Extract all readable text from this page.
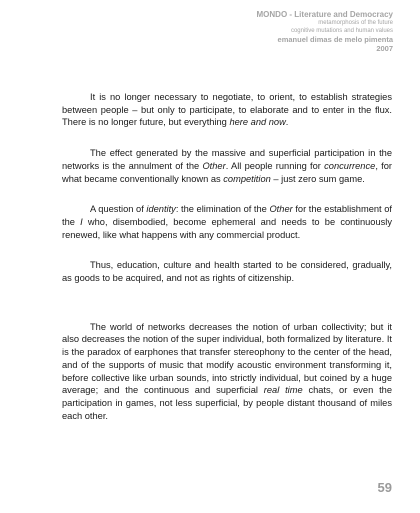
MONDO - Literature and Democracy
metamorphosis of the future
cognitive mutations and human values
emanuel dimas de melo pimenta
2007

It is no longer necessary to negotiate, to orient, to establish strategies between people – but only to participate, to elaborate and to enter in the flux. There is no longer future, but everything here and now.

The effect generated by the massive and superficial participation in the networks is the annulment of the Other. All people running for concurrence, for what became conventionally known as competition – just zero sum game.

A question of identity: the elimination of the Other for the establishment of the I who, disembodied, become ephemeral and needs to be continuously renewed, like what happens with any commercial product.

Thus, education, culture and health started to be considered, gradually, as goods to be acquired, and not as rights of citizenship.

The world of networks decreases the notion of urban collectivity; but it also decreases the notion of the super individual, both formalized by literature. It is the paradox of earphones that transfer stereophony to the center of the head, and of the supports of music that modify acoustic environment transforming it, before collective like urban sounds, into strictly individual, but coined by a huge average; and the continuous and superficial real time chats, or even the participation in games, not less superficial, by people distant thousand of miles each other.

59
